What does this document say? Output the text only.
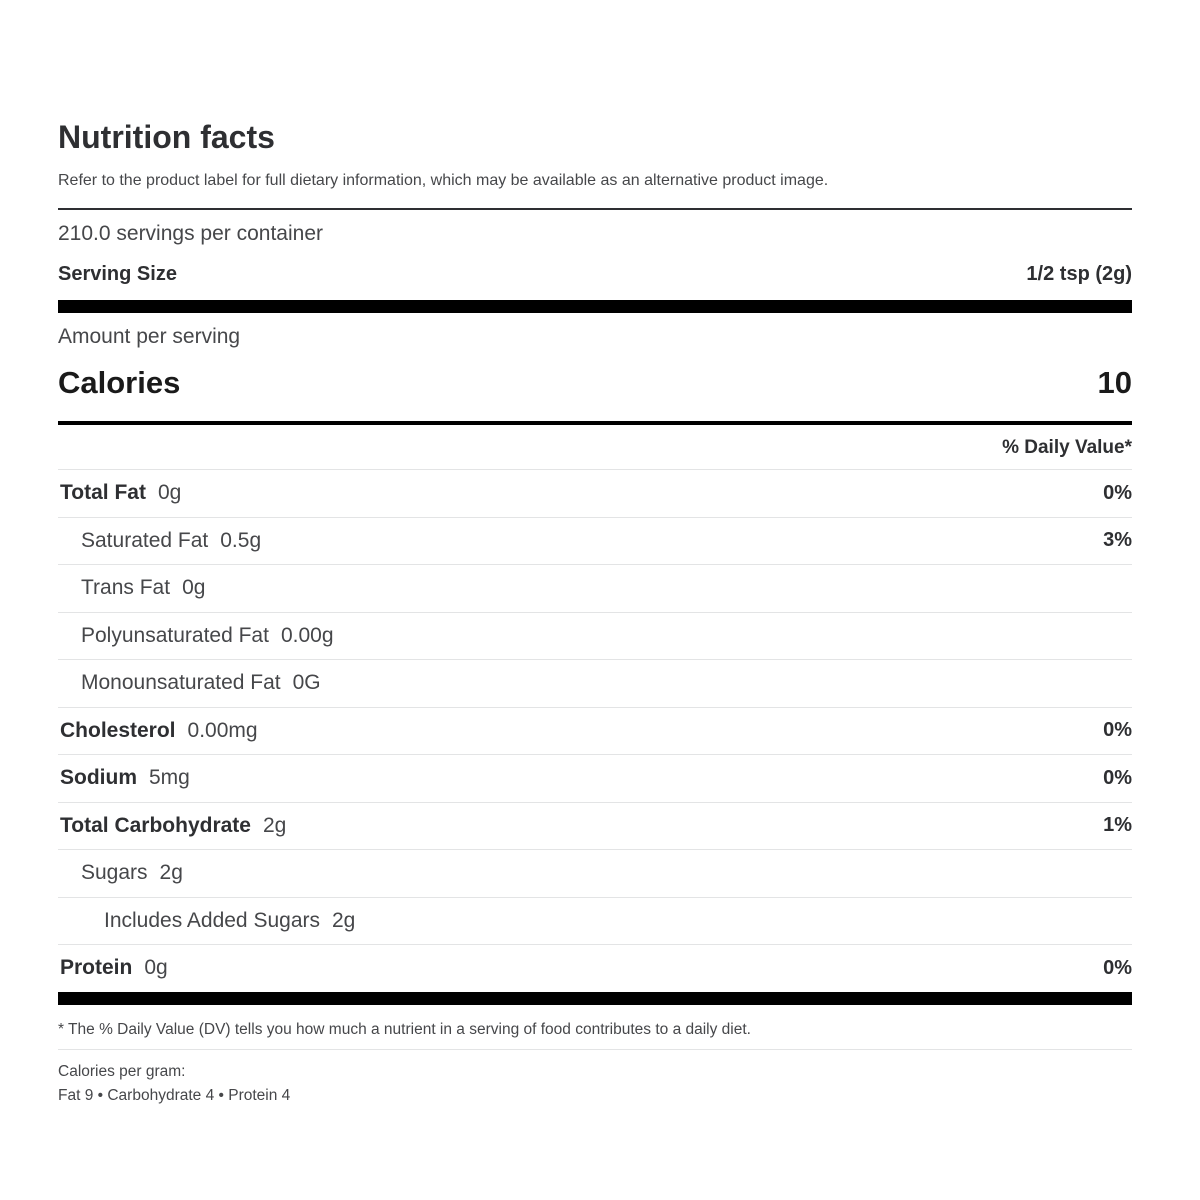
Nutrition facts
Refer to the product label for full dietary information, which may be available as an alternative product image.
210.0 servings per container
Serving Size	1/2 tsp (2g)
Amount per serving
Calories	10
% Daily Value*
Total Fat 0g	0%
Saturated Fat 0.5g	3%
Trans Fat 0g
Polyunsaturated Fat 0.00g
Monounsaturated Fat 0G
Cholesterol 0.00mg	0%
Sodium 5mg	0%
Total Carbohydrate 2g	1%
Sugars 2g
Includes Added Sugars 2g
Protein 0g	0%
* The % Daily Value (DV) tells you how much a nutrient in a serving of food contributes to a daily diet.
Calories per gram:
Fat 9 • Carbohydrate 4 • Protein 4
